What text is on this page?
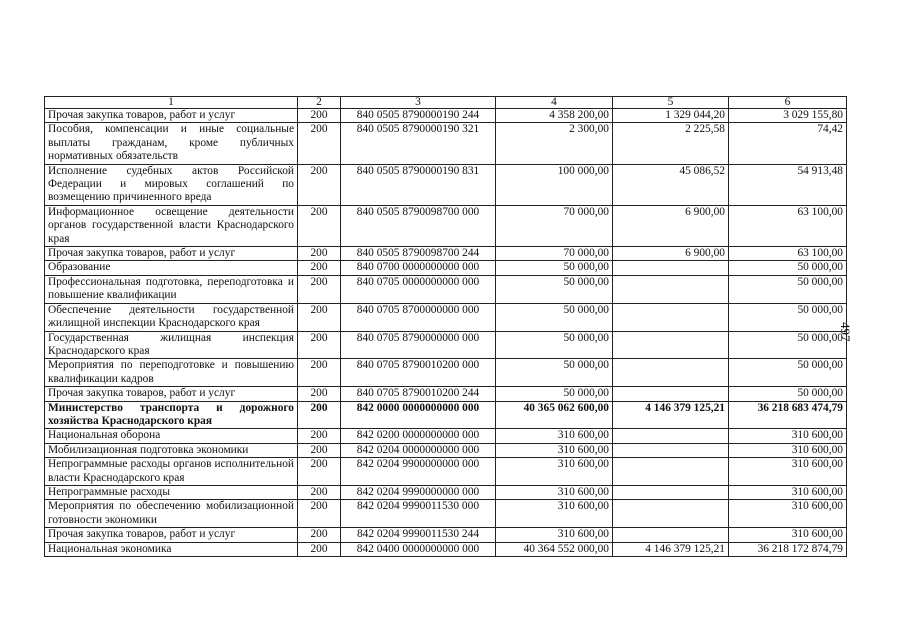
1	2	3	4	5	6
Прочая закупка товаров, работ и услуг	200	840 0505 8790000190 244	4 358 200,00	1 329 044,20	3 029 155,80
Пособия, компенсации и иные социальные выплаты гражданам, кроме публичных нормативных обязательств	200	840 0505 8790000190 321	2 300,00	2 225,58	74,42
Исполнение судебных актов Российской Федерации и мировых соглашений по возмещению причиненного вреда	200	840 0505 8790000190 831	100 000,00	45 086,52	54 913,48
Информационное освещение деятельности органов государственной власти Краснодарского края	200	840 0505 8790098700 000	70 000,00	6 900,00	63 100,00
Прочая закупка товаров, работ и услуг	200	840 0505 8790098700 244	70 000,00	6 900,00	63 100,00
Образование	200	840 0700 0000000000 000	50 000,00		50 000,00
Профессиональная подготовка, переподготовка и повышение квалификации	200	840 0705 0000000000 000	50 000,00		50 000,00
Обеспечение деятельности государственной жилищной инспекции Краснодарского края	200	840 0705 8700000000 000	50 000,00		50 000,00
Государственная жилищная инспекция Краснодарского края	200	840 0705 8790000000 000	50 000,00		50 000,00
Мероприятия по переподготовке и повышению квалификации кадров	200	840 0705 8790010200 000	50 000,00		50 000,00
Прочая закупка товаров, работ и услуг	200	840 0705 8790010200 244	50 000,00		50 000,00
Министерство транспорта и дорожного хозяйства Краснодарского края	200	842 0000 0000000000 000	40 365 062 600,00	4 146 379 125,21	36 218 683 474,79
Национальная оборона	200	842 0200 0000000000 000	310 600,00		310 600,00
Мобилизационная подготовка экономики	200	842 0204 0000000000 000	310 600,00		310 600,00
Непрограммные расходы органов исполнительной власти Краснодарского края	200	842 0204 9900000000 000	310 600,00		310 600,00
Непрограммные расходы	200	842 0204 9990000000 000	310 600,00		310 600,00
Мероприятия по обеспечению мобилизационной готовности экономики	200	842 0204 9990011530 000	310 600,00		310 600,00
Прочая закупка товаров, работ и услуг	200	842 0204 9990011530 244	310 600,00		310 600,00
Национальная экономика	200	842 0400 0000000000 000	40 364 552 000,00	4 146 379 125,21	36 218 172 874,79
497
